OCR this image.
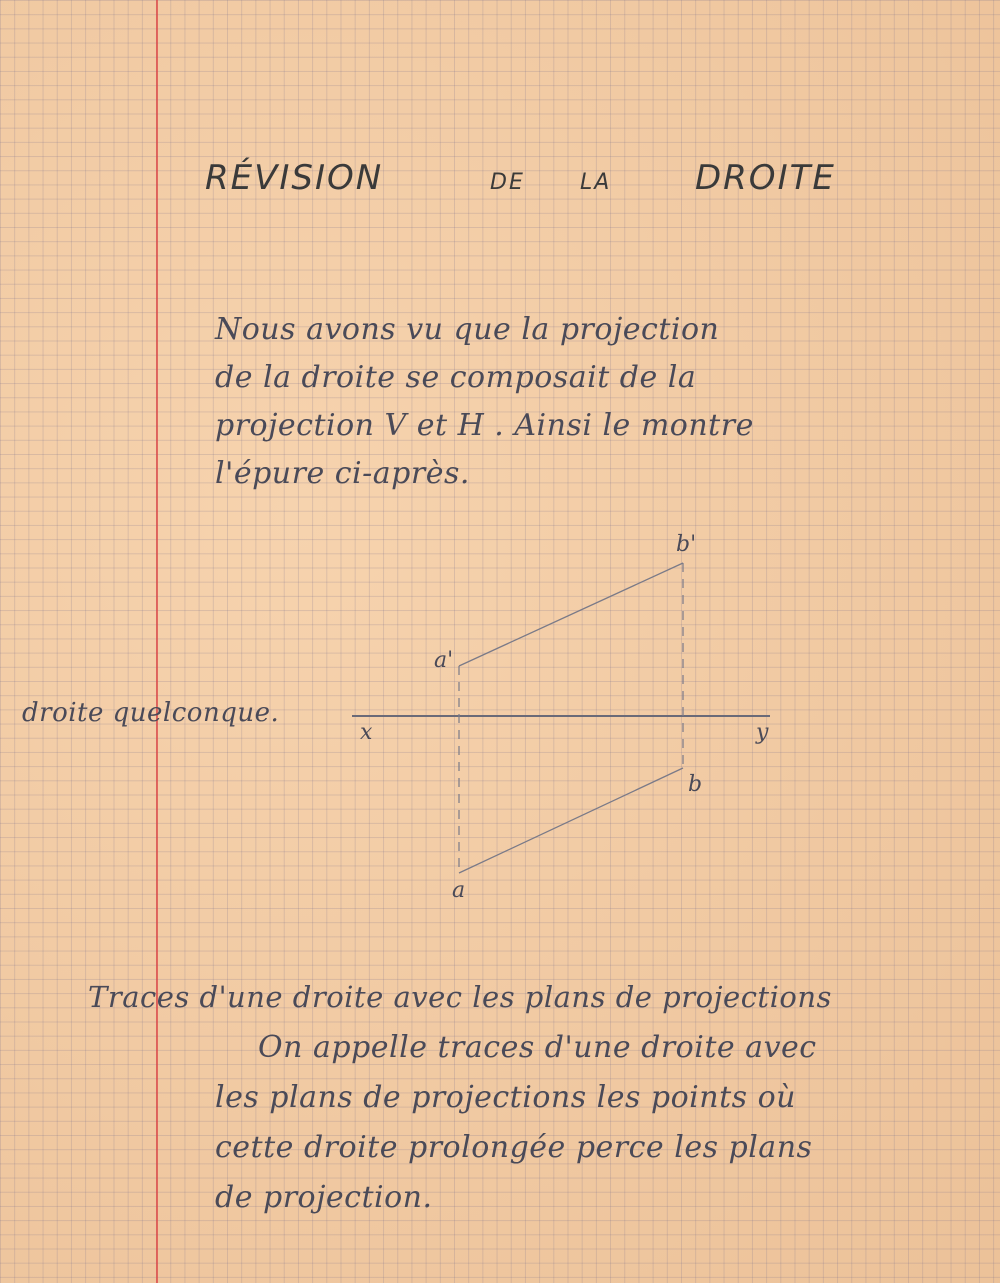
RÉVISION	DE	LA DROITE
Nous avons vu que la projection
de la droite se composait de la
projection V et H . Ainsi le montre
l'épure ci-après.
b'
a'
b
a
x	y
droite quelconque.
Traces d'une droite avec les plans de projections
On appelle traces d'une droite avec
les plans de projections les points où
cette droite prolongée perce les plans
de projection.
